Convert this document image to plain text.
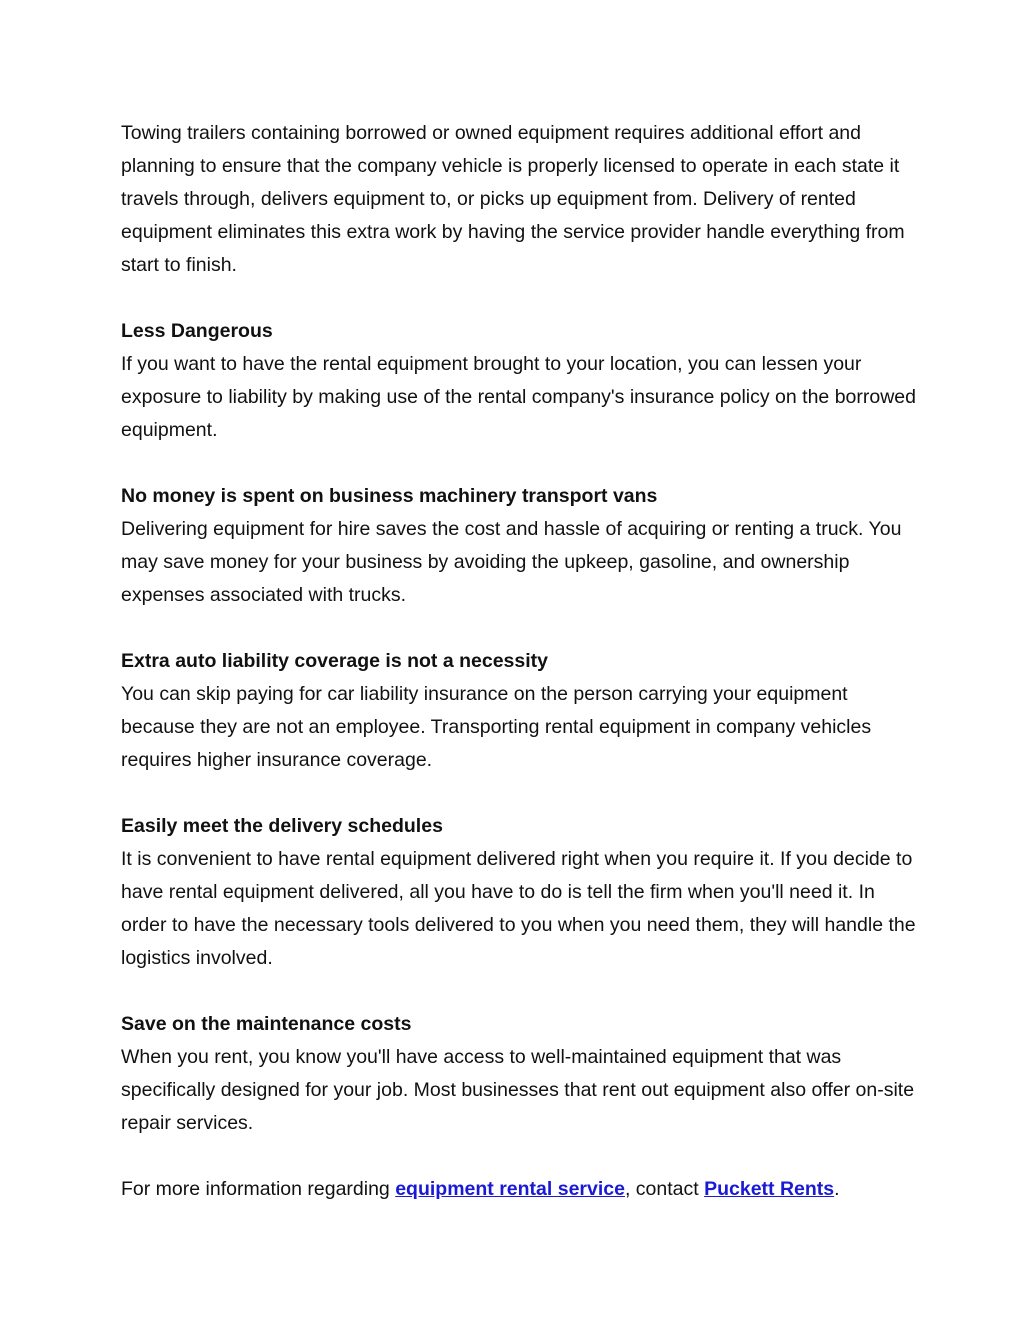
Towing trailers containing borrowed or owned equipment requires additional effort and planning to ensure that the company vehicle is properly licensed to operate in each state it travels through, delivers equipment to, or picks up equipment from. Delivery of rented equipment eliminates this extra work by having the service provider handle everything from start to finish.

Less Dangerous
If you want to have the rental equipment brought to your location, you can lessen your exposure to liability by making use of the rental company's insurance policy on the borrowed equipment.
No money is spent on business machinery transport vans
Delivering equipment for hire saves the cost and hassle of acquiring or renting a truck. You may save money for your business by avoiding the upkeep, gasoline, and ownership expenses associated with trucks.
Extra auto liability coverage is not a necessity
You can skip paying for car liability insurance on the person carrying your equipment because they are not an employee. Transporting rental equipment in company vehicles requires higher insurance coverage.
Easily meet the delivery schedules
It is convenient to have rental equipment delivered right when you require it. If you decide to have rental equipment delivered, all you have to do is tell the firm when you'll need it. In order to have the necessary tools delivered to you when you need them, they will handle the logistics involved.
Save on the maintenance costs
When you rent, you know you'll have access to well-maintained equipment that was specifically designed for your job. Most businesses that rent out equipment also offer on-site repair services.

For more information regarding equipment rental service, contact Puckett Rents.
